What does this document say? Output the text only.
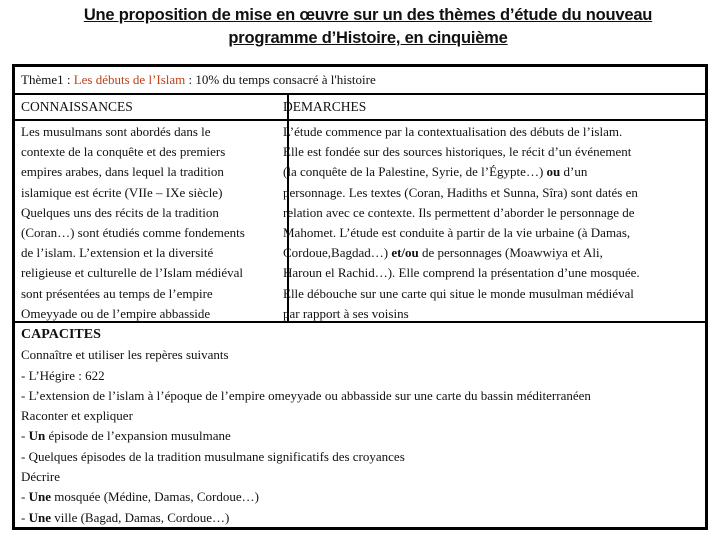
Une proposition de mise en œuvre sur un des thèmes d’étude du nouveau
programme d’Histoire, en cinquième
Thème1 : Les débuts de l’Islam : 10% du temps consacré à l'histoire
CONNAISSANCES	DEMARCHES
Les musulmans sont abordés dans le
contexte de la conquête et des premiers
empires arabes, dans lequel la tradition
islamique est écrite (VIIe – IXe siècle)
Quelques uns des récits de la tradition
(Coran…) sont étudiés comme fondements
de l’islam. L’extension et la diversité
religieuse et culturelle de l’Islam médiéval
sont présentées au temps de l’empire
Omeyyade ou de l’empire abbasside
L’étude commence par la contextualisation des débuts de l’islam.
Elle est fondée sur des sources historiques, le récit d’un événement
(la conquête de la Palestine, Syrie, de l’Égypte…) ou d’un
personnage. Les textes (Coran, Hadiths et Sunna, Sîra) sont datés en
relation avec ce contexte. Ils permettent d’aborder le personnage de
Mahomet. L’étude est conduite à partir de la vie urbaine (à Damas,
Cordoue,Bagdad…) et/ou de personnages (Moawwiya et Ali,
Haroun el Rachid…). Elle comprend la présentation d’une mosquée.
Elle débouche sur une carte qui situe le monde musulman médiéval
par rapport à ses voisins
CAPACITES
Connaître et utiliser les repères suivants
- L’Hégire : 622
- L’extension de l’islam à l’époque de l’empire omeyyade ou abbasside sur une carte du bassin méditerranéen
Raconter et expliquer
- Un épisode de l’expansion musulmane
- Quelques épisodes de la tradition musulmane significatifs des croyances
Décrire
- Une mosquée (Médine, Damas, Cordoue…)
- Une ville (Bagad, Damas, Cordoue…)
